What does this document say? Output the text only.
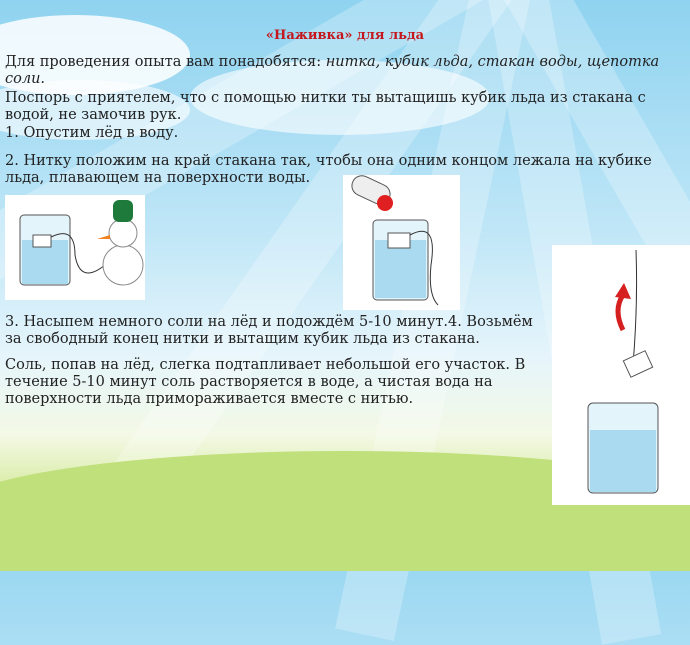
«Наживка» для льда

Для проведения опыта вам понадобятся: нитка, кубик льда, стакан воды, щепотка соли.

Поспорь с приятелем, что с помощью нитки ты вытащишь кубик льда из стакана с водой, не замочив рук.

1. Опустим лёд в воду.

2. Нитку положим на край стакана так, чтобы она одним концом лежала на кубике льда, плавающем на поверхности воды.

3. Насыпем немного соли на лёд и подождём 5-10 минут.4. Возьмём за свободный конец нитки и вытащим кубик льда из стакана.

Соль, попав на лёд, слегка подтапливает небольшой его участок. В течение 5-10 минут соль растворяется в воде, а чистая вода на поверхности льда примораживается вместе с нитью.
